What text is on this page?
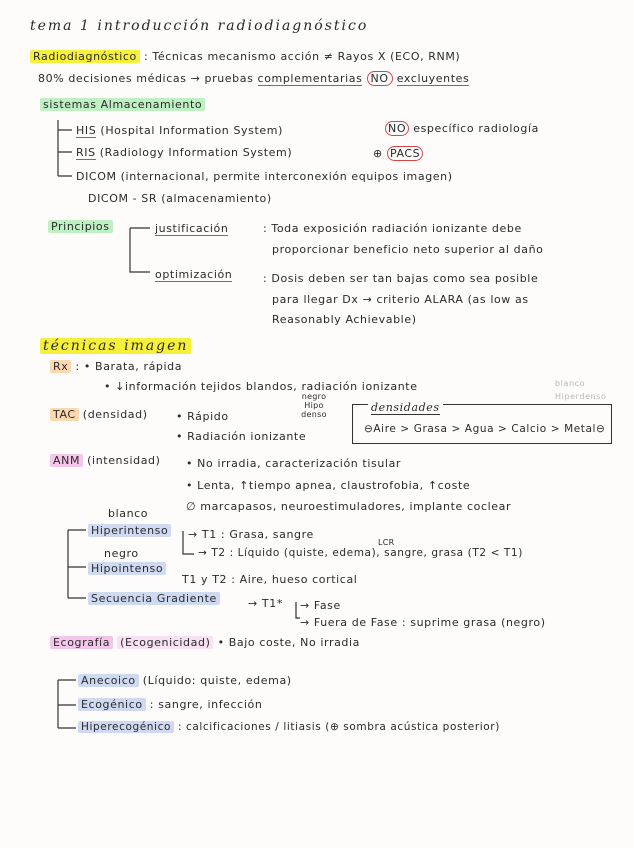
tema 1 introducción radiodiagnóstico
Radiodiagnóstico : Técnicas mecanismo acción ≠ Rayos X (ECO, RNM)
80% decisiones médicas → pruebas complementarias NO excluyentes
sistemas Almacenamiento
HIS (Hospital Information System)	NO específico radiología
RIS (Radiology Information System)	⊕ PACS
DICOM (internacional, permite interconexión equipos imagen)
DICOM - SR (almacenamiento)
Principios	justificación	: Toda exposición radiación ionizante debe
proporcionar beneficio neto superior al daño
optimización	: Dosis deben ser tan bajas como sea posible
para llegar Dx → criterio ALARA (as low as
Reasonably Achievable)
técnicas imagen
Rx : • Barata, rápida
• ↓información tejidos blandos, radiación ionizante	blanco Hiperdenso
TAC (densidad)	• Rápido
• Radiación ionizante
negro Hipo denso
densidades
⊖Aire > Grasa > Agua > Calcio > Metal⊖
ANM (intensidad) • No irradia, caracterización tisular
• Lenta, ↑tiempo apnea, claustrofobia, ↑coste
∅ marcapasos, neuroestimuladores, implante coclear
blanco
Hiperintenso → T1 : Grasa, sangre
LCR
negro	→ T2 : Líquido (quiste, edema), sangre, grasa (T2 < T1)
Hipointenso
T1 y T2 : Aire, hueso cortical
Secuencia Gradiente	→ T1* → Fase
→ Fuera de Fase : suprime grasa (negro)
Ecografía (Ecogenicidad) • Bajo coste, No irradia
Anecoico (Líquido: quiste, edema)
Ecogénico : sangre, infección
Hiperecogénico : calcificaciones / litiasis (⊕ sombra acústica posterior)
